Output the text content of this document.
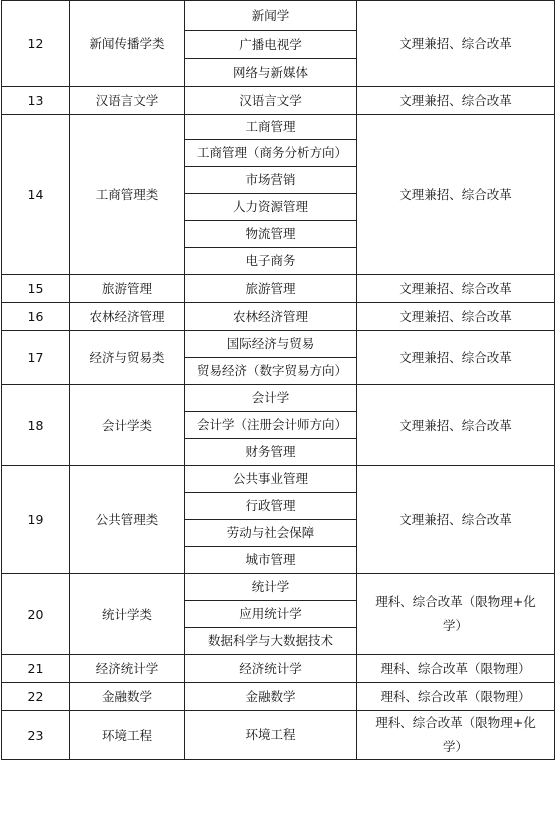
12	新闻传播学类	新闻学	文理兼招、综合改革
		广播电视学	
		网络与新媒体	
13	汉语言文学	汉语言文学	文理兼招、综合改革
14	工商管理类	工商管理	文理兼招、综合改革
		工商管理（商务分析方向）	
		市场营销	
		人力资源管理	
		物流管理	
		电子商务	
15	旅游管理	旅游管理	文理兼招、综合改革
16	农林经济管理	农林经济管理	文理兼招、综合改革
17	经济与贸易类	国际经济与贸易	文理兼招、综合改革
		贸易经济（数字贸易方向）	
18	会计学类	会计学	文理兼招、综合改革
		会计学（注册会计师方向）	
		财务管理	
19	公共管理类	公共事业管理	文理兼招、综合改革
		行政管理	
		劳动与社会保障	
		城市管理	
20	统计学类	统计学	理科、综合改革（限物理+化学）
		应用统计学	
		数据科学与大数据技术	
21	经济统计学	经济统计学	理科、综合改革（限物理）
22	金融数学	金融数学	理科、综合改革（限物理）
23	环境工程	环境工程	理科、综合改革（限物理+化学）
